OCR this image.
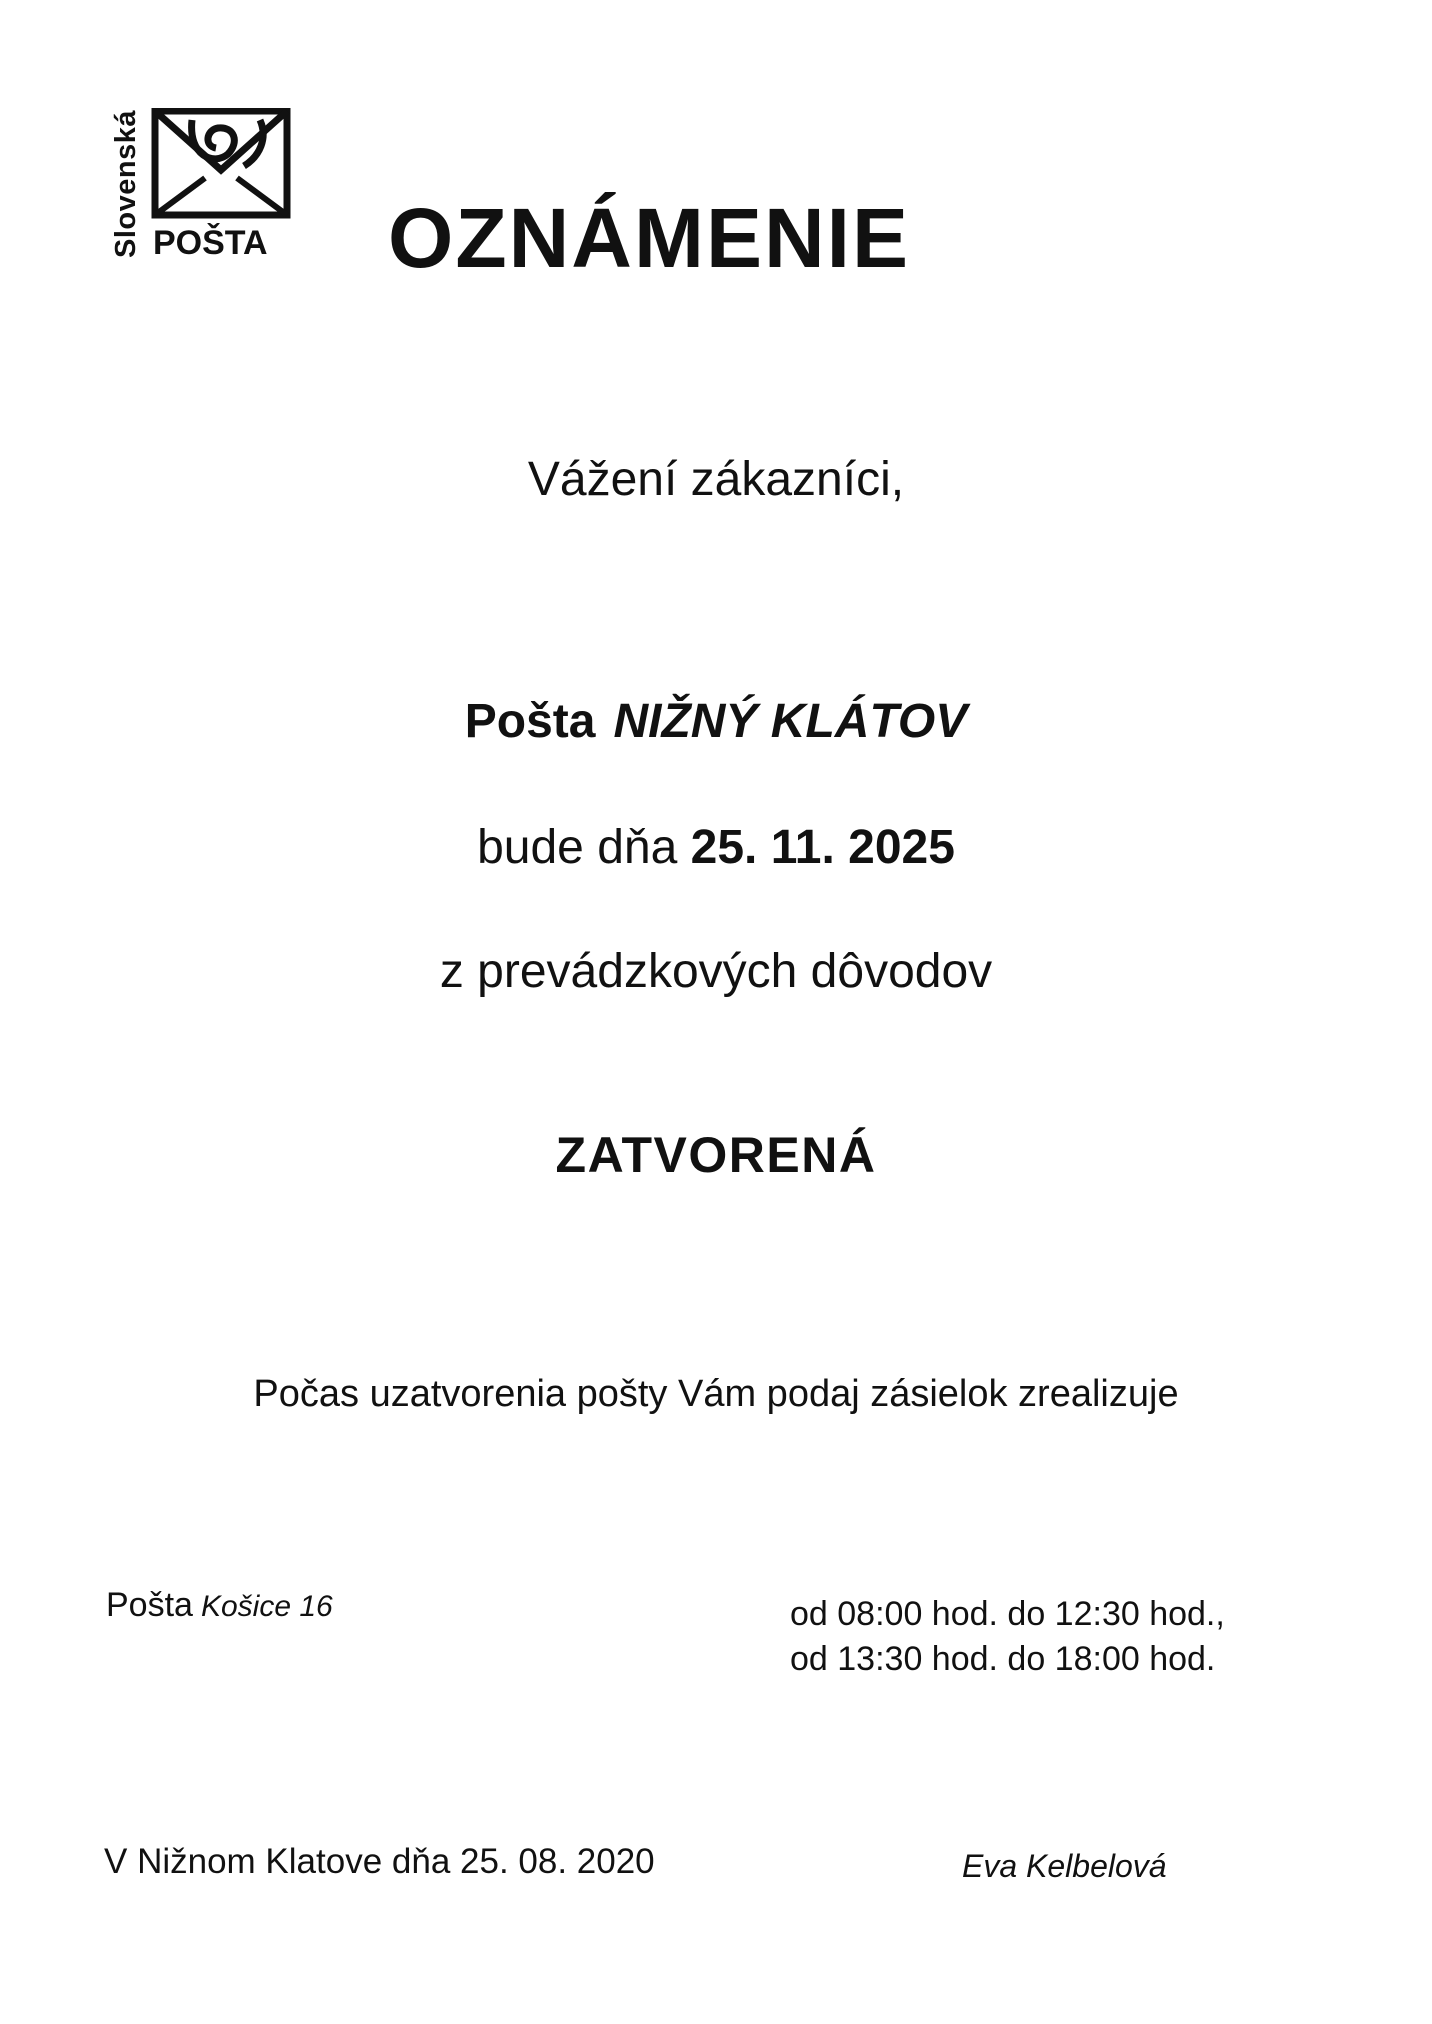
Slovenská POŠTA OZNÁMENIE
Vážení zákazníci,
Pošta NIŽNÝ KLÁTOV
bude dňa 25. 11. 2025
z prevádzkových dôvodov
ZATVORENÁ
Počas uzatvorenia pošty Vám podaj zásielok zrealizuje
Pošta Košice 16	od 08:00 hod. do 12:30 hod.,
od 13:30 hod. do 18:00 hod.
V Nižnom Klatove dňa 25. 08. 2020	Eva Kelbelová
